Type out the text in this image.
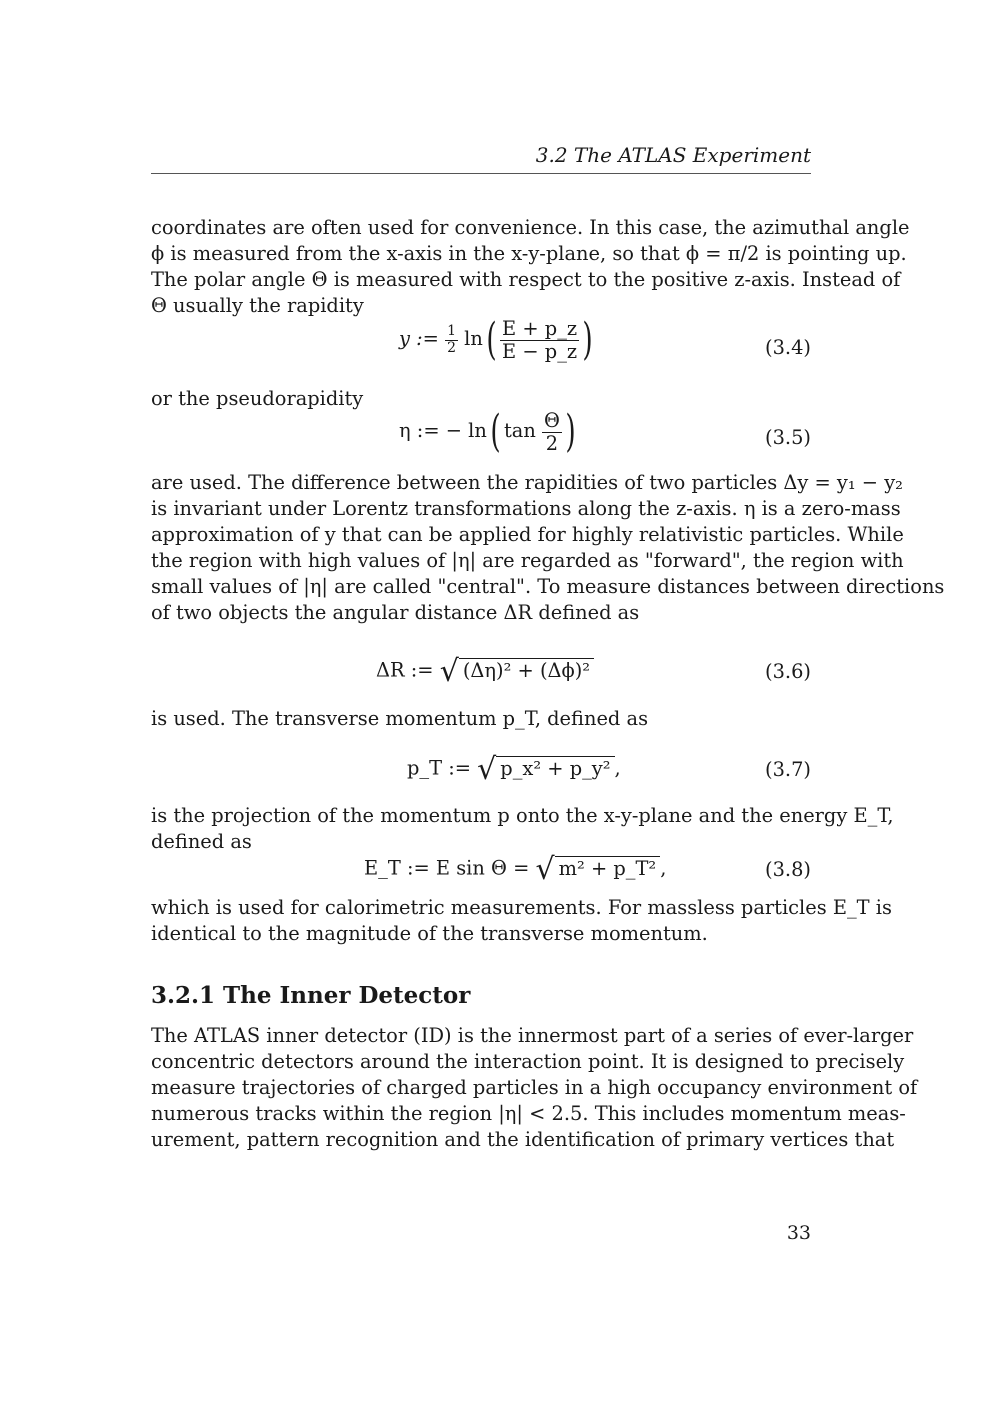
3.2 The ATLAS Experiment

coordinates are often used for convenience. In this case, the azimuthal angle
ϕ is measured from the x-axis in the x-y-plane, so that ϕ = π/2 is pointing up.
The polar angle Θ is measured with respect to the positive z-axis. Instead of
Θ usually the rapidity

y := $\frac{1}{2} \ln( \frac{E + p\_z}{E - p\_z}$ )	(3.4)

or the pseudorapidity

η := − ln( $\tan \frac{\Theta}{2}$ )	(3.5)

are used. The difference between the rapidities of two particles Δy = y₁ − y₂
is invariant under Lorentz transformations along the z-axis. η is a zero-mass
approximation of y that can be applied for highly relativistic particles. While
the region with high values of |η| are regarded as "forward", the region with
small values of |η| are called "central". To measure distances between directions
of two objects the angular distance ΔR defined as

ΔR := √ (Δη)² + (Δϕ)²	(3.6)

is used. The transverse momentum p_T, defined as

p_T := √ p_x² + p_y² ,	(3.7)

is the projection of the momentum p onto the x-y-plane and the energy E_T,
defined as

E_T := E sin Θ = √ m² + p_T² ,	(3.8)

which is used for calorimetric measurements. For massless particles E_T is
identical to the magnitude of the transverse momentum.

3.2.1 The Inner Detector

The ATLAS inner detector (ID) is the innermost part of a series of ever-larger
concentric detectors around the interaction point. It is designed to precisely
measure trajectories of charged particles in a high occupancy environment of
numerous tracks within the region |η| < 2.5. This includes momentum meas-
urement, pattern recognition and the identification of primary vertices that

33
